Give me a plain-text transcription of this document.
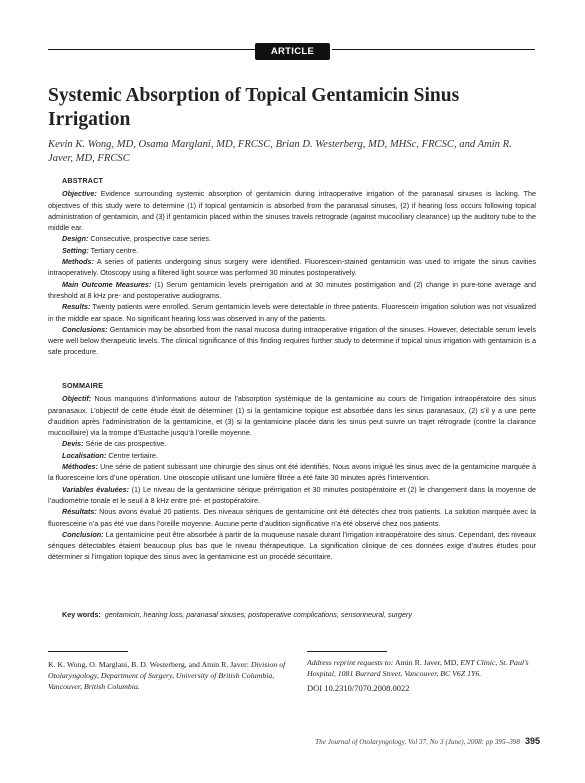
ARTICLE
Systemic Absorption of Topical Gentamicin Sinus Irrigation

Kevin K. Wong, MD, Osama Marglani, MD, FRCSC, Brian D. Westerberg, MD, MHSc, FRCSC, and Amin R. Javer, MD, FRCSC

ABSTRACT

Objective: Evidence surrounding systemic absorption of gentamicin during intraoperative irrigation of the paranasal sinuses is lacking. The objectives of this study were to determine (1) if topical gentamicin is absorbed from the paranasal sinuses, (2) if hearing loss occurs following topical administration of gentamicin, and (3) if gentamicin placed within the sinuses travels retrograde (against mucociliary clearance) up the auditory tube to the middle ear.

Design: Consecutive, prospective case series.

Setting: Tertiary centre.

Methods: A series of patients undergoing sinus surgery were identified. Fluorescein-stained gentamicin was used to irrigate the sinus cavities intraoperatively. Otoscopy using a filtered light source was performed 30 minutes postoperatively.

Main Outcome Measures: (1) Serum gentamicin levels preirrigation and at 30 minutes postirrigation and (2) change in pure-tone average and threshold at 8 kHz pre- and postoperative audiograms.

Results: Twenty patients were enrolled. Serum gentamicin levels were detectable in three patients. Fluorescein irrigation solution was not visualized in the middle ear space. No significant hearing loss was observed in any of the patients.

Conclusions: Gentamicin may be absorbed from the nasal mucosa during intraoperative irrigation of the sinuses. However, detectable serum levels were well below therapeutic levels. The clinical significance of this finding requires further study to determine if topical sinus irrigation with gentamicin is a safe procedure.

SOMMAIRE

Objectif: Nous manquons d’informations autour de l’absorption systémique de la gentamicine au cours de l’irrigation intraopératoire des sinus paranasaux. L’objectif de cette étude était de déterminer (1) si la gentamicine topique est absorbée dans les sinus paranasaux, (2) s’il y a une perte d’audition après l’administration de la gentamicine, et (3) si la gentamicine placée dans les sinus peut suivre un trajet rétrograde (contre la clairance mucocillaire) via la trompe d’Eustache jusqu’à l’oreille moyenne.

Devis: Série de cas prospective.

Localisation: Centre tertiaire.

Méthodes: Une série de patient subissant une chirurgie des sinus ont été identifiés. Nous avons irrigué les sinus avec de la gentamicine marquée à la fluoresceine lors d’une opération. Une otoscopie utilisant une lumière filtrée a été faite 30 minutes après l’intervention.

Variables évaluées: (1) Le niveau de la gentamicine sérique préirrigation et 30 minutes postopératoire et (2) le changement dans la moyenne de l’audiométrie tonale et le seuil à 8 kHz entre pré- et postopératoire.

Résultats: Nous avons évalué 20 patients. Des niveaux sériques de gentamicine ont été détectés chez trois patients. La solution marquée avec la fluoresceine n’a pas été vue dans l’oreille moyenne. Aucune perte d’audition significative n’a été observé chez nos patients.

Conclusion: La gentamicine peut être absorbée à partir de la muqueuse nasale durant l’irrigation intraopératoire des sinus. Cependant, des niveaux sériques détectables étaient beaucoup plus bas que le niveau thérapeutique. La signification clinique de ces données exige d’autres études pour déterminer si l’irrigation topique des sinus avec la gentamicine est un procédé sécuritaire.

Key words: gentamicin, hearing loss, paranasal sinuses, postoperative complications, sensorineural, surgery

K. K. Wong, O. Marglani, B. D. Westerberg, and Amin R. Javer: Division of Otolaryngology, Department of Surgery, University of British Columbia, Vancouver, British Columbia.

Address reprint requests to: Amin R. Javer, MD, ENT Clinic, St. Paul’s Hospital, 1081 Burrard Street, Vancouver, BC V6Z 1Y6.

DOI 10.2310/7070.2008.0022

The Journal of Otolaryngology, Vol 37, No 3 (June), 2008: pp 395–398 395
